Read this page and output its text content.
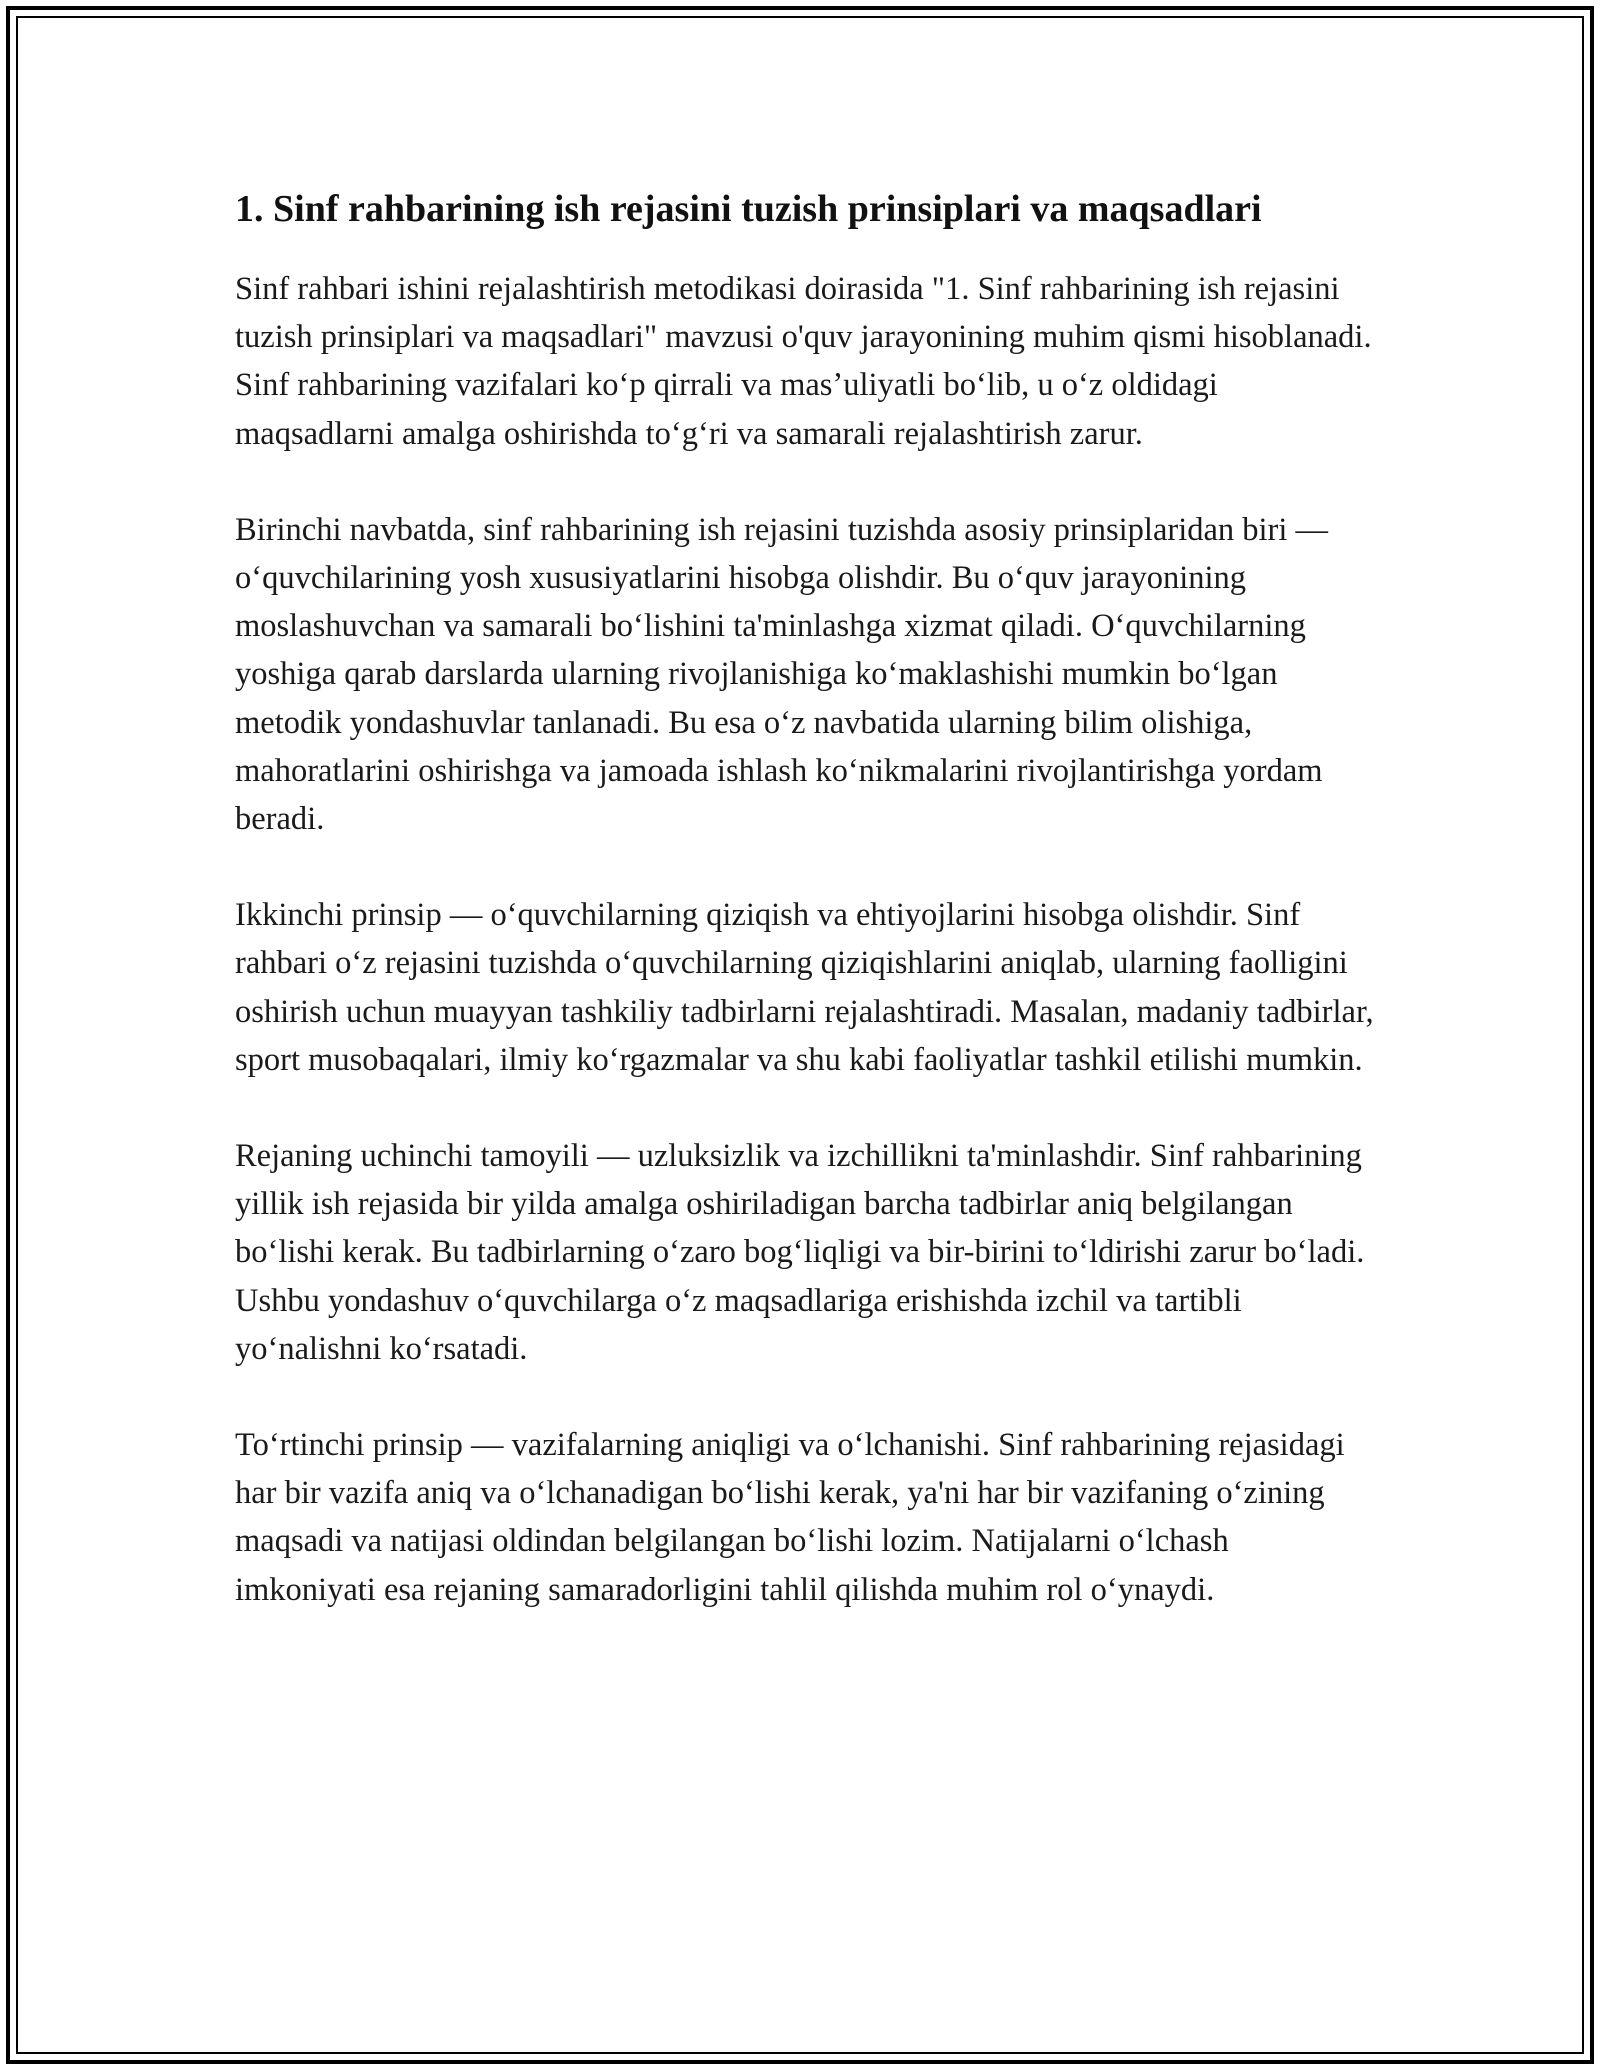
1. Sinf rahbarining ish rejasini tuzish prinsiplari va maqsadlari

Sinf rahbari ishini rejalashtirish metodikasi doirasida "1. Sinf rahbarining ish rejasini tuzish prinsiplari va maqsadlari" mavzusi o'quv jarayonining muhim qismi hisoblanadi. Sinf rahbarining vazifalari koʻp qirrali va masʼuliyatli boʻlib, u oʻz oldidagi maqsadlarni amalga oshirishda toʻgʻri va samarali rejalashtirish zarur.

Birinchi navbatda, sinf rahbarining ish rejasini tuzishda asosiy prinsiplaridan biri — oʻquvchilarining yosh xususiyatlarini hisobga olishdir. Bu oʻquv jarayonining moslashuvchan va samarali boʻlishini ta'minlashga xizmat qiladi. Oʻquvchilarning yoshiga qarab darslarda ularning rivojlanishiga koʻmaklashishi mumkin boʻlgan metodik yondashuvlar tanlanadi. Bu esa oʻz navbatida ularning bilim olishiga, mahoratlarini oshirishga va jamoada ishlash koʻnikmalarini rivojlantirishga yordam beradi.

Ikkinchi prinsip — oʻquvchilarning qiziqish va ehtiyojlarini hisobga olishdir. Sinf rahbari oʻz rejasini tuzishda oʻquvchilarning qiziqishlarini aniqlab, ularning faolligini oshirish uchun muayyan tashkiliy tadbirlarni rejalashtiradi. Masalan, madaniy tadbirlar, sport musobaqalari, ilmiy koʻrgazmalar va shu kabi faoliyatlar tashkil etilishi mumkin.

Rejaning uchinchi tamoyili — uzluksizlik va izchillikni ta'minlashdir. Sinf rahbarining yillik ish rejasida bir yilda amalga oshiriladigan barcha tadbirlar aniq belgilangan boʻlishi kerak. Bu tadbirlarning oʻzaro bogʻliqligi va bir-birini toʻldirishi zarur boʻladi. Ushbu yondashuv oʻquvchilarga oʻz maqsadlariga erishishda izchil va tartibli yoʻnalishni koʻrsatadi.

Toʻrtinchi prinsip — vazifalarning aniqligi va oʻlchanishi. Sinf rahbarining rejasidagi har bir vazifa aniq va oʻlchanadigan boʻlishi kerak, ya'ni har bir vazifaning oʻzining maqsadi va natijasi oldindan belgilangan boʻlishi lozim. Natijalarni oʻlchash imkoniyati esa rejaning samaradorligini tahlil qilishda muhim rol oʻynaydi.
